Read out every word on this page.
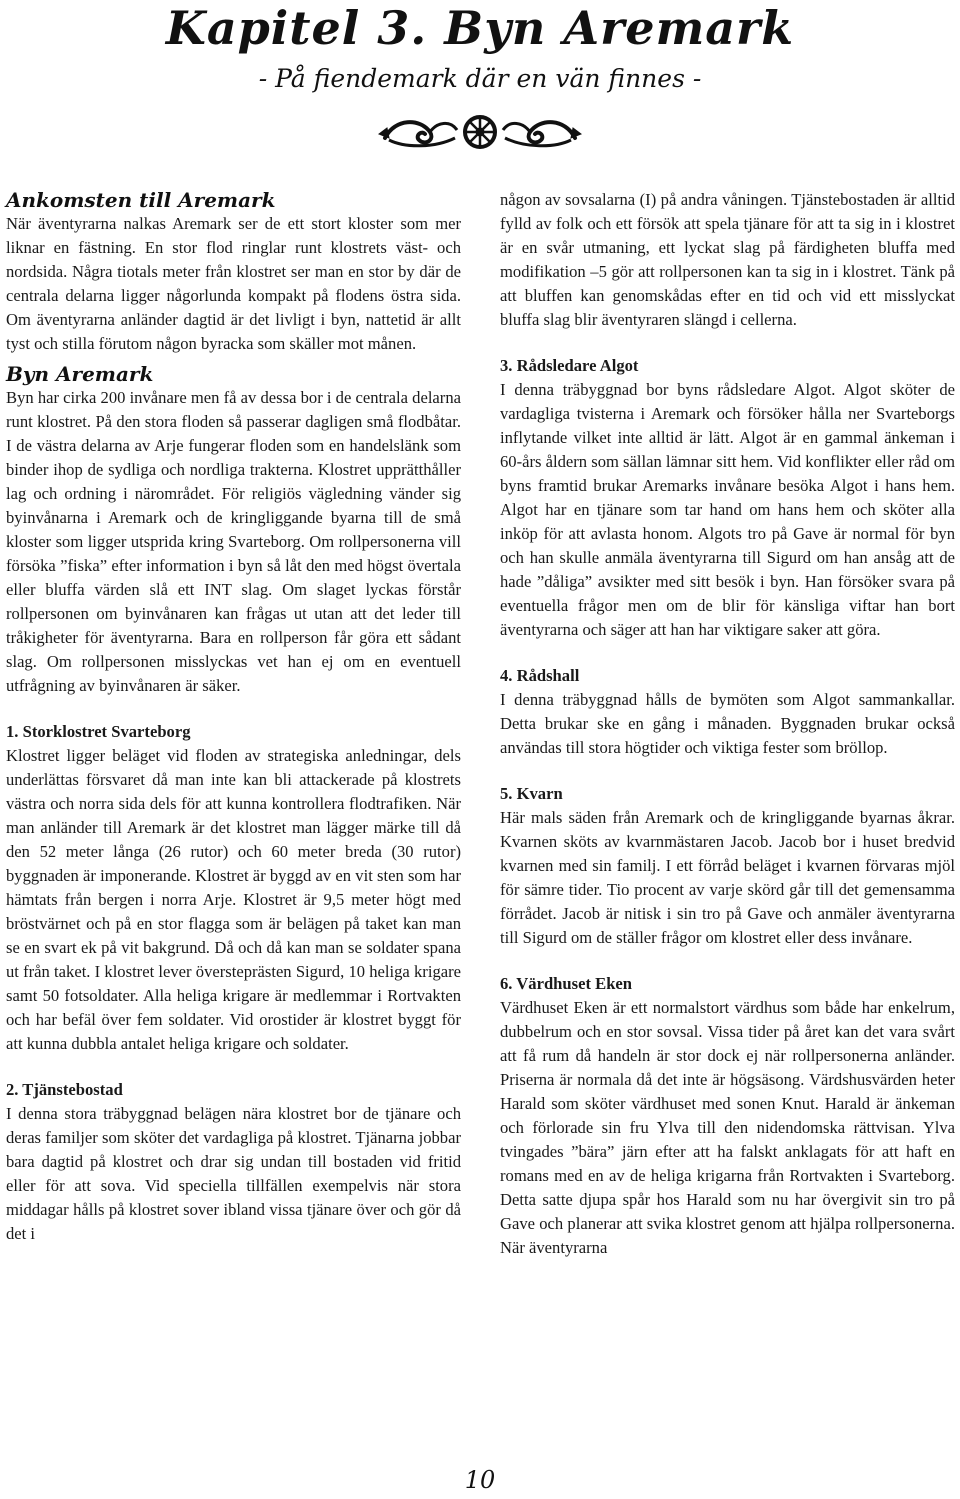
Kapitel 3. Byn Aremark
- På fiendemark där en vän finnes -
Ankomsten till Aremark

När äventyrarna nalkas Aremark ser de ett stort kloster som mer liknar en fästning. En stor flod ringlar runt klostrets väst- och nordsida. Några tiotals meter från klostret ser man en stor by där de centrala delarna ligger någorlunda kompakt på flodens östra sida. Om äventyrarna anländer dagtid är det livligt i byn, nattetid är allt tyst och stilla förutom någon byracka som skäller mot månen.

Byn Aremark

Byn har cirka 200 invånare men få av dessa bor i de centrala delarna runt klostret. På den stora floden så passerar dagligen små flodbåtar. I de västra delarna av Arje fungerar floden som en handelslänk som binder ihop de sydliga och nordliga trakterna. Klostret upprätthåller lag och ordning i närområdet. För religiös vägledning vänder sig byinvånarna i Aremark och de kringliggande byarna till de små kloster som ligger utsprida kring Svarteborg. Om rollpersonerna vill försöka ”fiska” efter information i byn så låt den med högst övertala eller bluffa värden slå ett INT slag. Om slaget lyckas förstår rollpersonen om byinvånaren kan frågas ut utan att det leder till tråkigheter för äventyrarna. Bara en rollperson får göra ett sådant slag. Om rollpersonen misslyckas vet han ej om en eventuell utfrågning av byinvånaren är säker.

1. Storklostret Svarteborg

Klostret ligger beläget vid floden av strategiska anledningar, dels underlättas försvaret då man inte kan bli attackerade på klostrets västra och norra sida dels för att kunna kontrollera flodtrafiken. När man anländer till Aremark är det klostret man lägger märke till då den 52 meter långa (26 rutor) och 60 meter breda (30 rutor) byggnaden är imponerande. Klostret är byggd av en vit sten som har hämtats från bergen i norra Arje. Klostret är 9,5 meter högt med bröstvärnet och på en stor flagga som är belägen på taket kan man se en svart ek på vit bakgrund. Då och då kan man se soldater spana ut från taket. I klostret lever översteprästen Sigurd, 10 heliga krigare samt 50 fotsoldater. Alla heliga krigare är medlemmar i Rortvakten och har befäl över fem soldater. Vid orostider är klostret byggt för att kunna dubbla antalet heliga krigare och soldater.

2. Tjänstebostad

I denna stora träbyggnad belägen nära klostret bor de tjänare och deras familjer som sköter det vardagliga på klostret. Tjänarna jobbar bara dagtid på klostret och drar sig undan till bostaden vid fritid eller för att sova. Vid speciella tillfällen exempelvis när stora middagar hålls på klostret sover ibland vissa tjänare över och gör då det i

någon av sovsalarna (I) på andra våningen. Tjänstebostaden är alltid fylld av folk och ett försök att spela tjänare för att ta sig in i klostret är en svår utmaning, ett lyckat slag på färdigheten bluffa med modifikation –5 gör att rollpersonen kan ta sig in i klostret. Tänk på att bluffen kan genomskådas efter en tid och vid ett misslyckat bluffa slag blir äventyraren slängd i cellerna.

3. Rådsledare Algot

I denna träbyggnad bor byns rådsledare Algot. Algot sköter de vardagliga tvisterna i Aremark och försöker hålla ner Svarteborgs inflytande vilket inte alltid är lätt. Algot är en gammal änkeman i 60-års åldern som sällan lämnar sitt hem. Vid konflikter eller råd om byns framtid brukar Aremarks invånare besöka Algot i hans hem. Algot har en tjänare som tar hand om hans hem och sköter alla inköp för att avlasta honom. Algots tro på Gave är normal för byn och han skulle anmäla äventyrarna till Sigurd om han ansåg att de hade ”dåliga” avsikter med sitt besök i byn. Han försöker svara på eventuella frågor men om de blir för känsliga viftar han bort äventyrarna och säger att han har viktigare saker att göra.

4. Rådshall

I denna träbyggnad hålls de bymöten som Algot sammankallar. Detta brukar ske en gång i månaden. Byggnaden brukar också användas till stora högtider och viktiga fester som bröllop.

5. Kvarn

Här mals säden från Aremark och de kringliggande byarnas åkrar. Kvarnen sköts av kvarnmästaren Jacob. Jacob bor i huset bredvid kvarnen med sin familj. I ett förråd beläget i kvarnen förvaras mjöl för sämre tider. Tio procent av varje skörd går till det gemensamma förrådet. Jacob är nitisk i sin tro på Gave och anmäler äventyrarna till Sigurd om de ställer frågor om klostret eller dess invånare.

6. Värdhuset Eken

Värdhuset Eken är ett normalstort värdhus som både har enkelrum, dubbelrum och en stor sovsal. Vissa tider på året kan det vara svårt att få rum då handeln är stor dock ej när rollpersonerna anländer. Priserna är normala då det inte är högsäsong. Värdshusvärden heter Harald som sköter värdhuset med sonen Knut. Harald är änkeman och förlorade sin fru Ylva till den nidendomska rättvisan. Ylva tvingades ”bära” järn efter att ha falskt anklagats för att haft en romans med en av de heliga krigarna från Rortvakten i Svarteborg. Detta satte djupa spår hos Harald som nu har övergivit sin tro på Gave och planerar att svika klostret genom att hjälpa rollpersonerna. När äventyrarna

10
